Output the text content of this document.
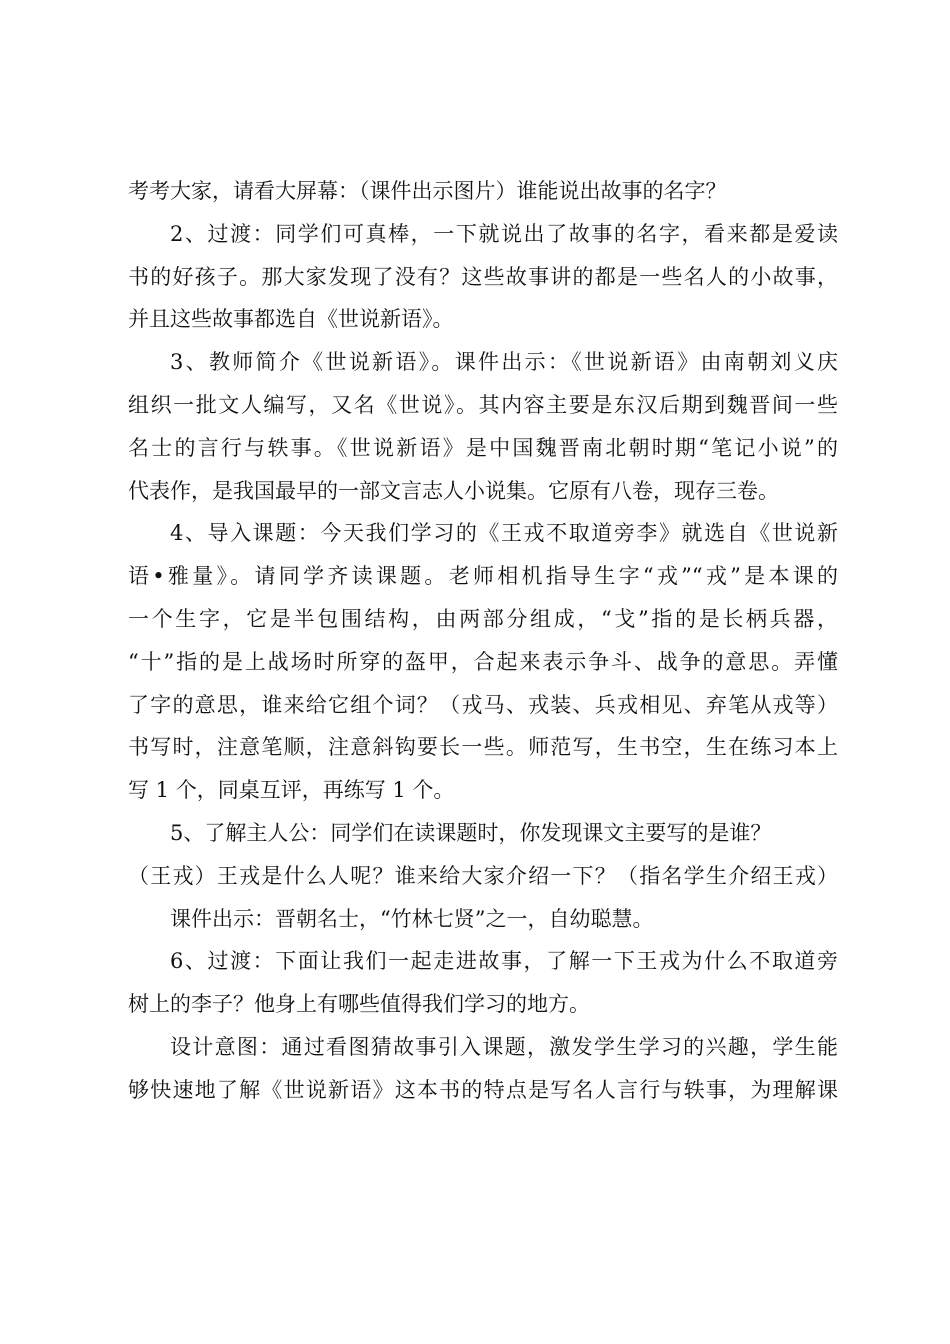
考考大家，请看大屏幕：（课件出示图片）谁能说出故事的名字？
2、过渡：同学们可真棒，一下就说出了故事的名字，看来都是爱读
书的好孩子。那大家发现了没有？这些故事讲的都是一些名人的小故事，
并且这些故事都选自《世说新语》。
3、教师简介《世说新语》。课件出示：《世说新语》由南朝刘义庆
组织一批文人编写，又名《世说》。其内容主要是东汉后期到魏晋间一些
名士的言行与轶事。《世说新语》是中国魏晋南北朝时期“笔记小说”的
代表作，是我国最早的一部文言志人小说集。它原有八卷，现存三卷。
4、导入课题：今天我们学习的《王戎不取道旁李》就选自《世说新
语•雅量》。请同学齐读课题。老师相机指导生字“戎”“戎”是本课的
一个生字，它是半包围结构，由两部分组成，“戈”指的是长柄兵器，
“十”指的是上战场时所穿的盔甲，合起来表示争斗、战争的意思。弄懂
了字的意思，谁来给它组个词？（戎马、戎装、兵戎相见、弃笔从戎等）
书写时，注意笔顺，注意斜钩要长一些。师范写，生书空，生在练习本上
写 1 个，同桌互评，再练写 1 个。
5、了解主人公：同学们在读课题时，你发现课文主要写的是谁？
（王戎）王戎是什么人呢？谁来给大家介绍一下？（指名学生介绍王戎）
课件出示：晋朝名士，“竹林七贤”之一，自幼聪慧。
6、过渡：下面让我们一起走进故事，了解一下王戎为什么不取道旁
树上的李子？他身上有哪些值得我们学习的地方。
设计意图：通过看图猜故事引入课题，激发学生学习的兴趣，学生能
够快速地了解《世说新语》这本书的特点是写名人言行与轶事，为理解课
